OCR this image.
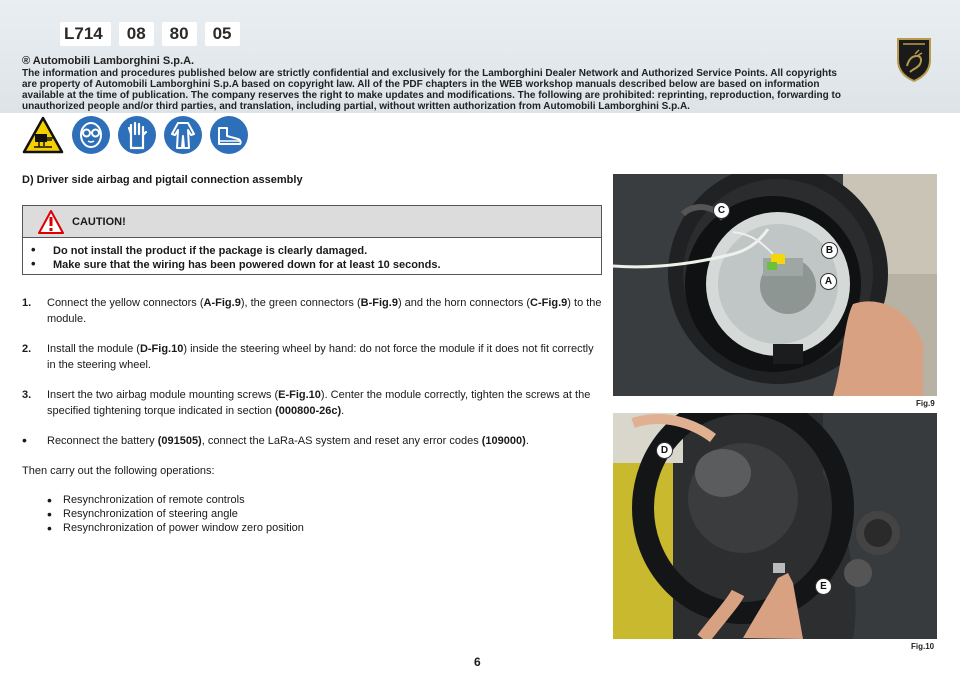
L714	08	80	05
® Automobili Lamborghini S.p.A.
The information and procedures published below are strictly confidential and exclusively for the Lamborghini Dealer Network and Authorized Service Points. All copyrights are property of Automobili Lamborghini S.p.A based on copyright law. All of the PDF chapters in the WEB workshop manuals described below are based on information available at the time of publication. The company reserves the right to make updates and modifications. The following are prohibited: reprinting, reproduction, forwarding to unauthorized people and/or third parties, and translation, including partial, without written authorization from Automobili Lamborghini S.p.A.
D) Driver side airbag and pigtail connection assembly
CAUTION!
• Do not install the product if the package is clearly damaged.
• Make sure that the wiring has been powered down for at least 10 seconds.
1.	Connect the yellow connectors (A-Fig.9), the green connectors (B-Fig.9) and the horn connectors (C-Fig.9) to the module.
2.	Install the module (D-Fig.10) inside the steering wheel by hand: do not force the module if it does not fit correctly in the steering wheel.
3.	Insert the two airbag module mounting screws (E-Fig.10). Center the module correctly, tighten the screws at the specified tightening torque indicated in section (000800-26c).
•	Reconnect the battery (091505), connect the LaRa-AS system and reset any error codes (109000).
Then carry out the following operations:
•	Resynchronization of remote controls
•	Resynchronization of steering angle
•	Resynchronization of power window zero position
C
B
A
Fig.9
D
E
Fig.10
6
